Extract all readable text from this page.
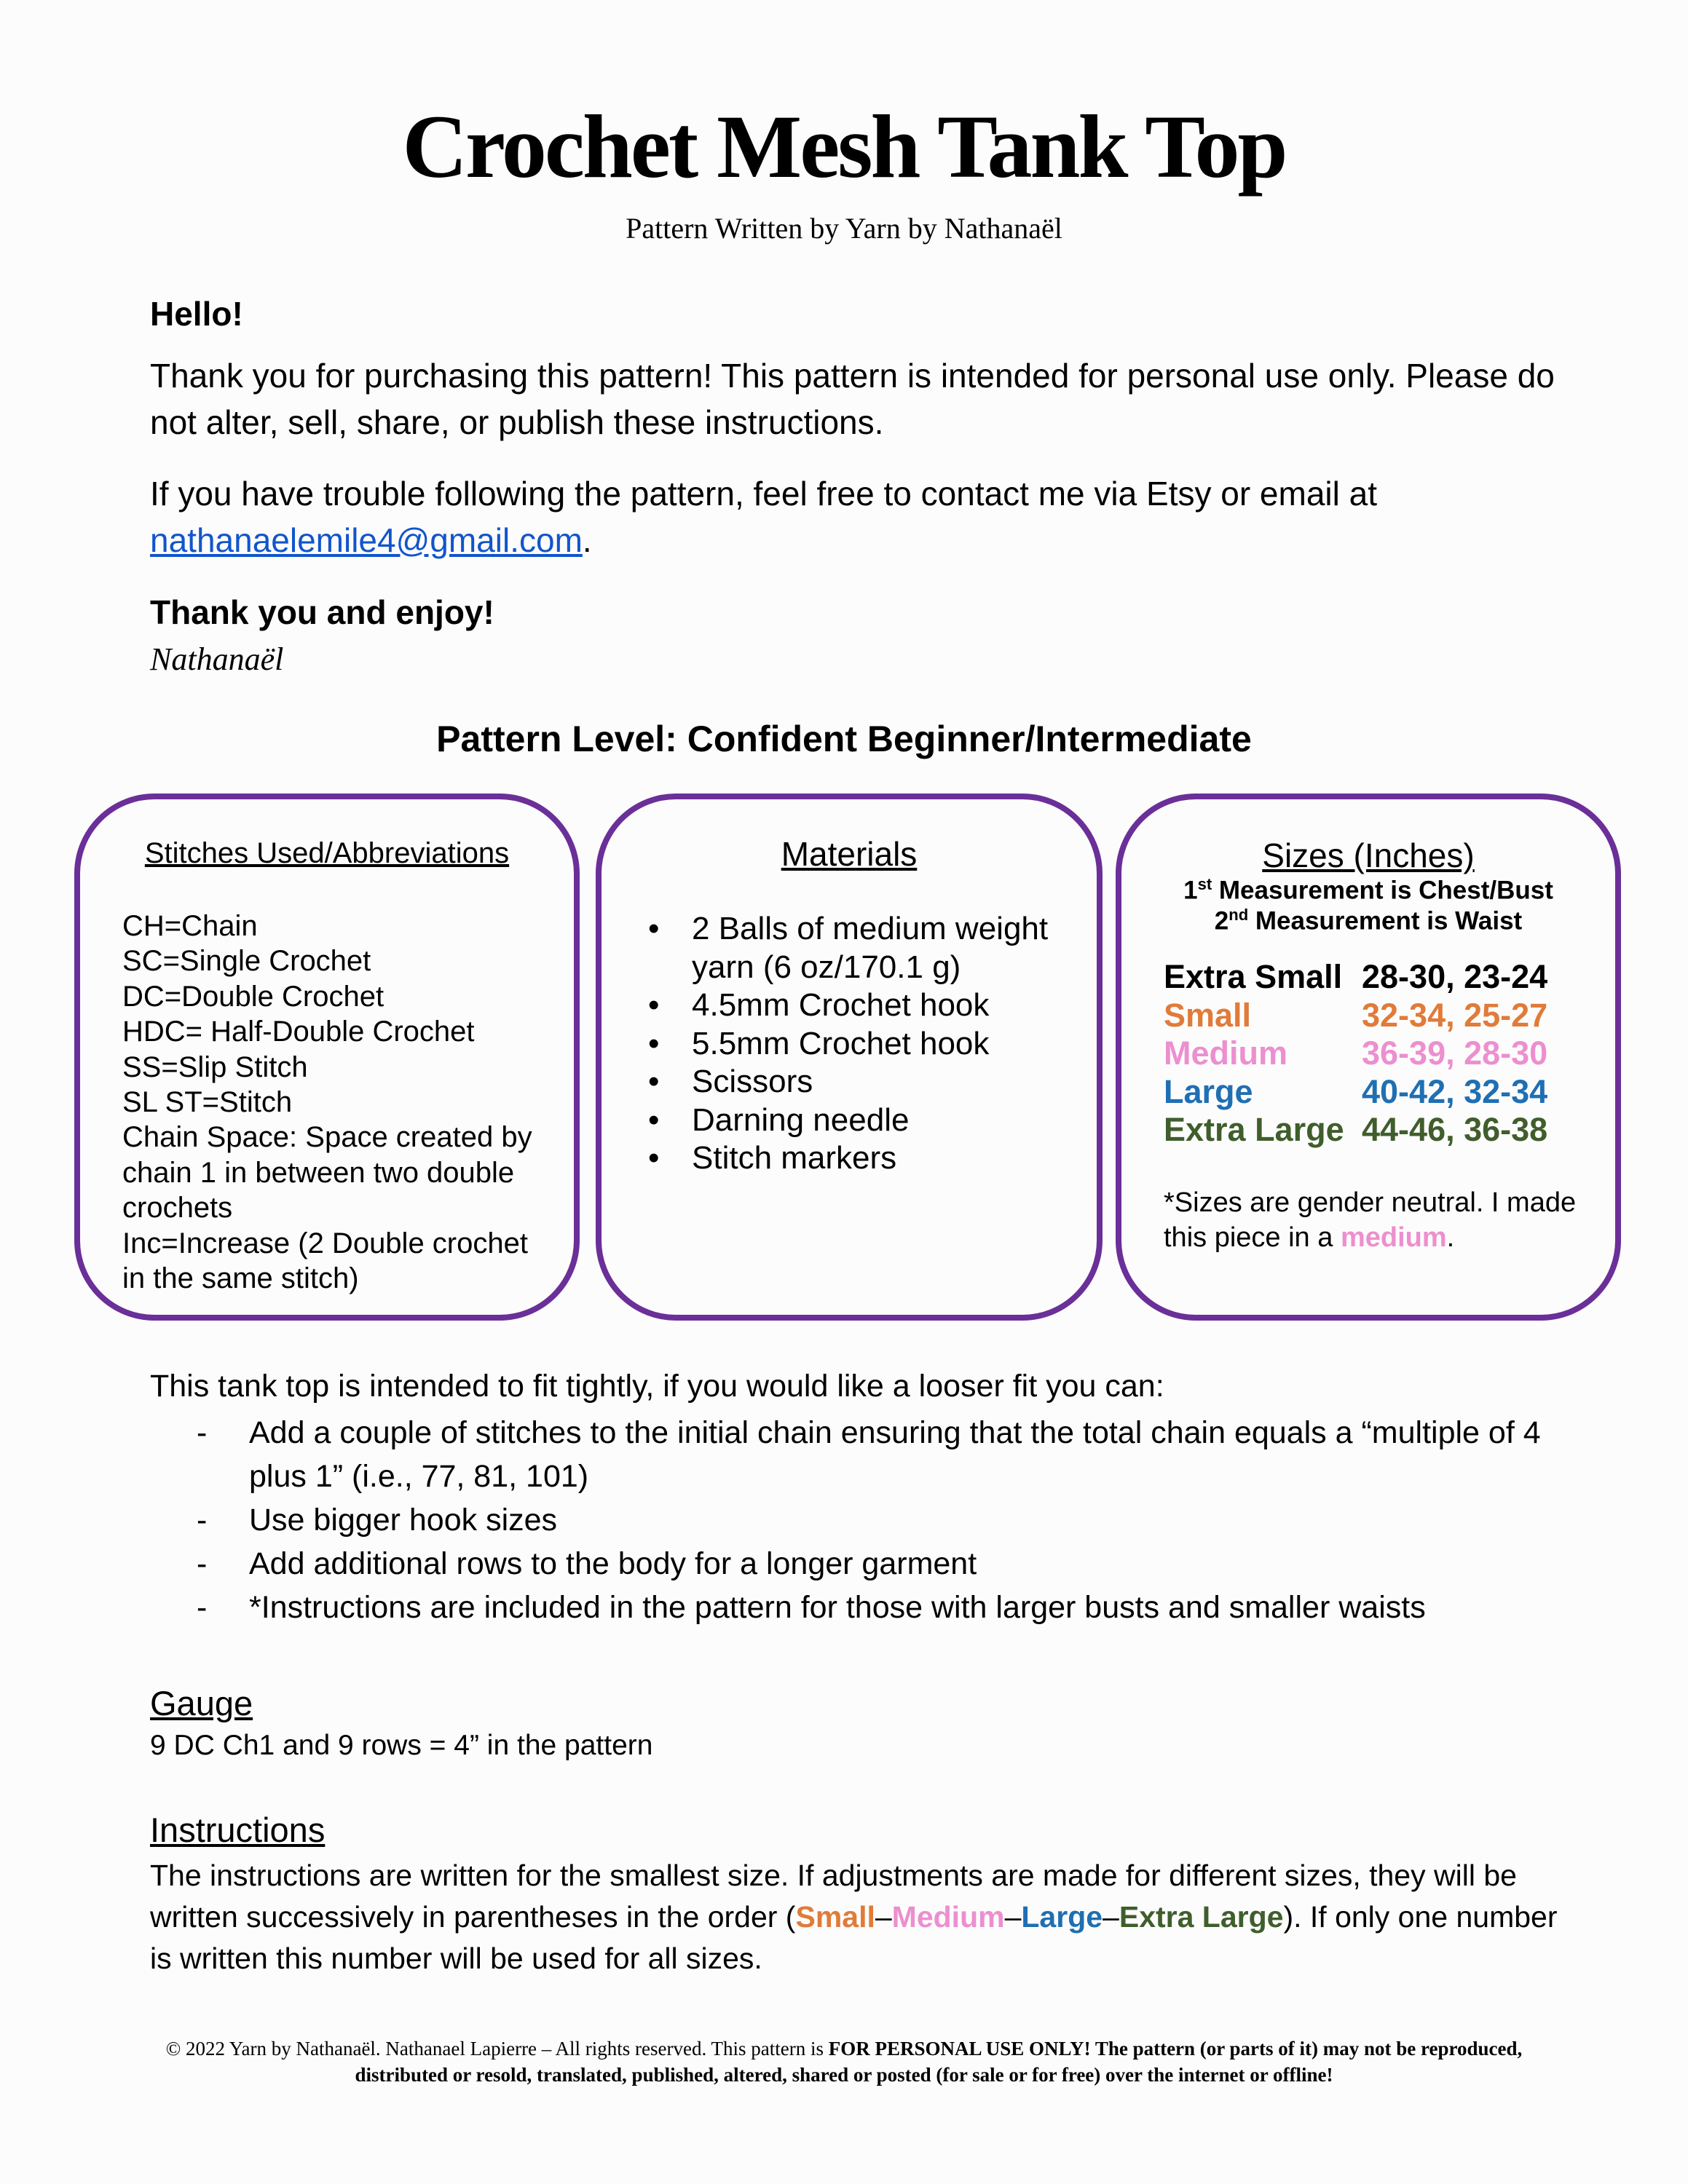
Crochet Mesh Tank Top
Pattern Written by Yarn by Nathanaël
Hello!
Thank you for purchasing this pattern! This pattern is intended for personal use only. Please do not alter, sell, share, or publish these instructions.
If you have trouble following the pattern, feel free to contact me via Etsy or email at
nathanaelemile4@gmail.com.
Thank you and enjoy!
Nathanaël
Pattern Level: Confident Beginner/Intermediate
Stitches Used/Abbreviations
CH=Chain
SC=Single Crochet
DC=Double Crochet
HDC= Half-Double Crochet
SS=Slip Stitch
SL ST=Stitch
Chain Space: Space created by chain 1 in between two double crochets
Inc=Increase (2 Double crochet in the same stitch)
Materials
• 2 Balls of medium weight yarn (6 oz/170.1 g)
• 4.5mm Crochet hook
• 5.5mm Crochet hook
• Scissors
• Darning needle
• Stitch markers
Sizes (Inches)
1st Measurement is Chest/Bust
2nd Measurement is Waist
Extra Small 28-30, 23-24
Small	32-34, 25-27
Medium	36-39, 28-30
Large	40-42, 32-34
Extra Large 44-46, 36-38
*Sizes are gender neutral. I made this piece in a medium.
This tank top is intended to fit tightly, if you would like a looser fit you can:
- Add a couple of stitches to the initial chain ensuring that the total chain equals a “multiple of 4 plus 1” (i.e., 77, 81, 101)
- Use bigger hook sizes
- Add additional rows to the body for a longer garment
- *Instructions are included in the pattern for those with larger busts and smaller waists
Gauge
9 DC Ch1 and 9 rows = 4” in the pattern
Instructions
The instructions are written for the smallest size. If adjustments are made for different sizes, they will be written successively in parentheses in the order (Small–Medium–Large–Extra Large). If only one number is written this number will be used for all sizes.
© 2022 Yarn by Nathanaël. Nathanael Lapierre – All rights reserved. This pattern is FOR PERSONAL USE ONLY! The pattern (or parts of it) may not be reproduced, distributed or resold, translated, published, altered, shared or posted (for sale or for free) over the internet or offline!
